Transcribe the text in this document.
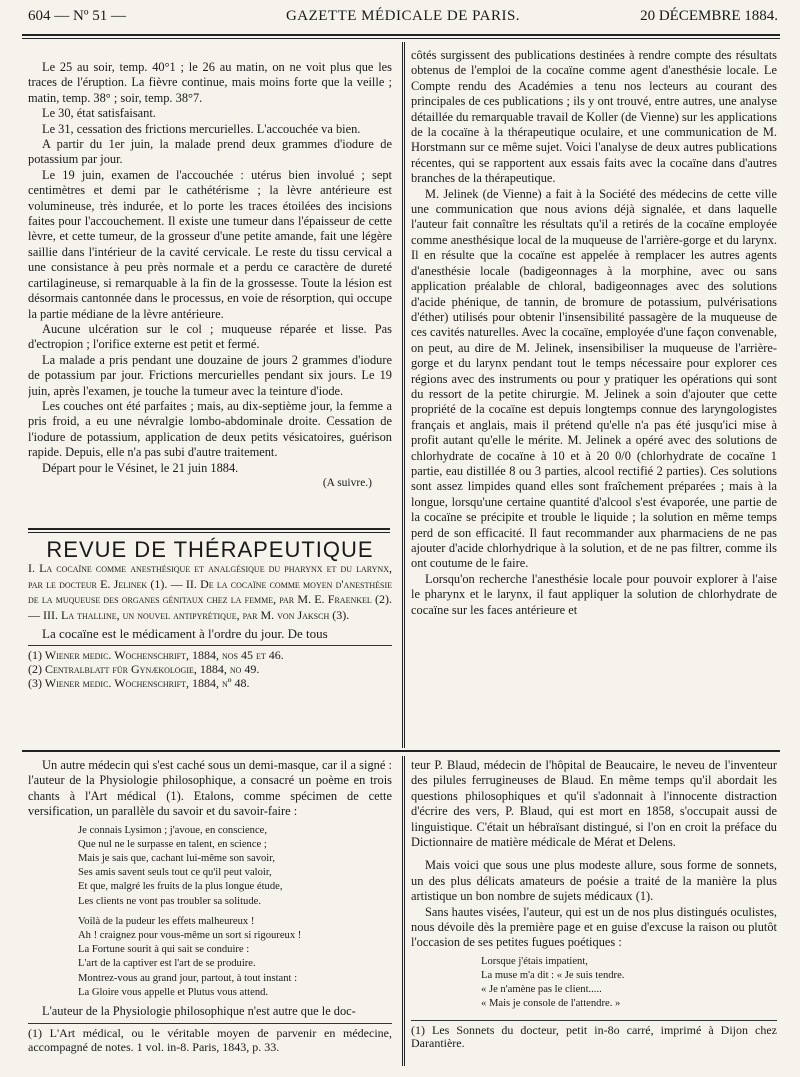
604 — Nº 51 —	GAZETTE MÉDICALE DE PARIS.	20 DÉCEMBRE 1884.

Le 25 au soir, temp. 40°1 ; le 26 au matin, on ne voit plus que les traces de l'éruption. La fièvre continue, mais moins forte que la veille ; matin, temp. 38° ; soir, temp. 38°7.

Le 30, état satisfaisant.

Le 31, cessation des frictions mercurielles. L'accouchée va bien.

A partir du 1er juin, la malade prend deux grammes d'iodure de potassium par jour.

Le 19 juin, examen de l'accouchée : utérus bien involué ; sept centimètres et demi par le cathétérisme ; la lèvre antérieure est volumineuse, très indurée, et lo porte les traces étoilées des incisions faites pour l'accouchement. Il existe une tumeur dans l'épaisseur de cette lèvre, et cette tumeur, de la grosseur d'une petite amande, fait une légère saillie dans l'intérieur de la cavité cervicale. Le reste du tissu cervical a une consistance à peu près normale et a perdu ce caractère de dureté cartilagineuse, si remarquable à la fin de la grossesse. Toute la lésion est désormais cantonnée dans le processus, en voie de résorption, qui occupe la partie médiane de la lèvre antérieure.

Aucune ulcération sur le col ; muqueuse réparée et lisse. Pas d'ectropion ; l'orifice externe est petit et fermé.

La malade a pris pendant une douzaine de jours 2 grammes d'iodure de potassium par jour. Frictions mercurielles pendant six jours. Le 19 juin, après l'examen, je touche la tumeur avec la teinture d'iode.

Les couches ont été parfaites ; mais, au dix-septième jour, la femme a pris froid, a eu une névralgie lombo-abdominale droite. Cessation de l'iodure de potassium, application de deux petits vésicatoires, guérison rapide. Depuis, elle n'a pas subi d'autre traitement.

Départ pour le Vésinet, le 21 juin 1884.

(A suivre.)
REVUE DE THÉRAPEUTIQUE

I. La cocaïne comme anesthésique et analgésique du pharynx et du larynx, par le docteur E. Jelinek (1). — II. De la cocaïne comme moyen d'anesthésie de la muqueuse des organes génitaux chez la femme, par M. E. Fraenkel (2). — III. La thalline, un nouvel antipyrétique, par M. von Jaksch (3).

La cocaïne est le médicament à l'ordre du jour. De tous

(1) Wiener medic. Wochenschrift, 1884, nos 45 et 46.
(2) Centralblatt für Gynækologie, 1884, no 49.
(3) Wiener medic. Wochenschrift, 1884, nº 48.

côtés surgissent des publications destinées à rendre compte des résultats obtenus de l'emploi de la cocaïne comme agent d'anesthésie locale. Le Compte rendu des Académies a tenu nos lecteurs au courant des principales de ces publications ; ils y ont trouvé, entre autres, une analyse détaillée du remarquable travail de Koller (de Vienne) sur les applications de la cocaïne à la thérapeutique oculaire, et une communication de M. Horstmann sur ce même sujet. Voici l'analyse de deux autres publications récentes, qui se rapportent aux essais faits avec la cocaïne dans d'autres branches de la thérapeutique.

M. Jelinek (de Vienne) a fait à la Société des médecins de cette ville une communication que nous avions déjà signalée, et dans laquelle l'auteur fait connaître les résultats qu'il a retirés de la cocaïne employée comme anesthésique local de la muqueuse de l'arrière-gorge et du larynx. Il en résulte que la cocaïne est appelée à remplacer les autres agents d'anesthésie locale (badigeonnages à la morphine, avec ou sans application préalable de chloral, badigeonnages avec des solutions d'acide phénique, de tannin, de bromure de potassium, pulvérisations d'éther) utilisés pour obtenir l'insensibilité passagère de la muqueuse de ces cavités naturelles. Avec la cocaïne, employée d'une façon convenable, on peut, au dire de M. Jelinek, insensibiliser la muqueuse de l'arrière-gorge et du larynx pendant tout le temps nécessaire pour explorer ces régions avec des instruments ou pour y pratiquer les opérations qui sont du ressort de la petite chirurgie. M. Jelinek a soin d'ajouter que cette propriété de la cocaïne est depuis longtemps connue des laryngologistes français et anglais, mais il prétend qu'elle n'a pas été jusqu'ici mise à profit autant qu'elle le mérite. M. Jelinek a opéré avec des solutions de chlorhydrate de cocaïne à 10 et à 20 0/0 (chlorhydrate de cocaïne 1 partie, eau distillée 8 ou 3 parties, alcool rectifié 2 parties). Ces solutions sont assez limpides quand elles sont fraîchement préparées ; mais à la longue, lorsqu'une certaine quantité d'alcool s'est évaporée, une partie de la cocaïne se précipite et trouble le liquide ; la solution en même temps perd de son efficacité. Il faut recommander aux pharmaciens de ne pas ajouter d'acide chlorhydrique à la solution, et de ne pas filtrer, comme ils ont coutume de le faire.

Lorsqu'on recherche l'anesthésie locale pour pouvoir explorer à l'aise le pharynx et le larynx, il faut appliquer la solution de chlorhydrate de cocaïne sur les faces antérieure et

Un autre médecin qui s'est caché sous un demi-masque, car il a signé : l'auteur de la Physiologie philosophique, a consacré un poème en trois chants à l'Art médical (1). Etalons, comme spécimen de cette versification, un parallèle du savoir et du savoir-faire :

Je connais Lysimon ; j'avoue, en conscience,
Que nul ne le surpasse en talent, en science ;
Mais je sais que, cachant lui-même son savoir,
Ses amis savent seuls tout ce qu'il peut valoir,
Et que, malgré les fruits de la plus longue étude,
Les clients ne vont pas troubler sa solitude.
Voilà de la pudeur les effets malheureux !
Ah ! craignez pour vous-même un sort si rigoureux !
La Fortune sourit à qui sait se conduire :
L'art de la captiver est l'art de se produire.
Montrez-vous au grand jour, partout, à tout instant :
La Gloire vous appelle et Plutus vous attend.

L'auteur de la Physiologie philosophique n'est autre que le doc-

(1) L'Art médical, ou le véritable moyen de parvenir en médecine, accompagné de notes. 1 vol. in-8. Paris, 1843, p. 33.

teur P. Blaud, médecin de l'hôpital de Beaucaire, le neveu de l'inventeur des pilules ferrugineuses de Blaud. En même temps qu'il abordait les questions philosophiques et qu'il s'adonnait à l'innocente distraction d'écrire des vers, P. Blaud, qui est mort en 1858, s'occupait aussi de linguistique. C'était un hébraïsant distingué, si l'on en croit la préface du Dictionnaire de matière médicale de Mérat et Delens.

Mais voici que sous une plus modeste allure, sous forme de sonnets, un des plus délicats amateurs de poésie a traité de la manière la plus artistique un bon nombre de sujets médicaux (1).

Sans hautes visées, l'auteur, qui est un de nos plus distingués oculistes, nous dévoile dès la première page et en guise d'excuse la raison ou plutôt l'occasion de ses petites fugues poétiques :

Lorsque j'étais impatient,
La muse m'a dit : « Je suis tendre.
« Je n'amène pas le client.....
« Mais je console de l'attendre. »
(1) Les Sonnets du docteur, petit in-8o carré, imprimé à Dijon chez Darantière.
